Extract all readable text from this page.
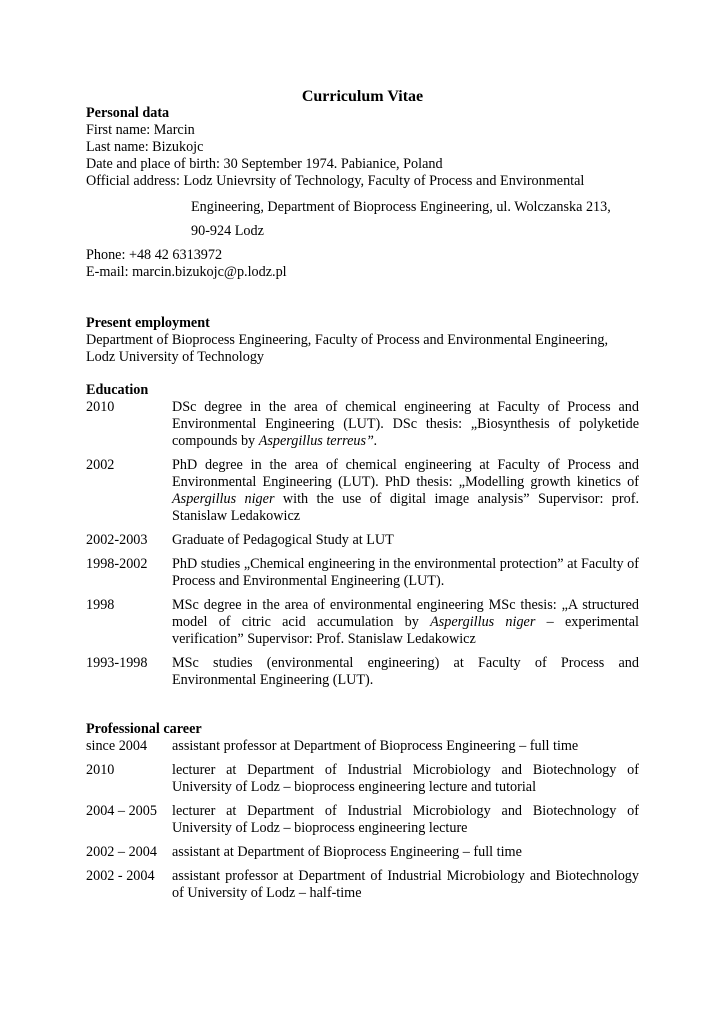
Curriculum Vitae
Personal data
First name: Marcin
Last name: Bizukojc
Date and place of birth: 30 September 1974. Pabianice, Poland
Official address: Lodz Unievrsity of Technology, Faculty of Process and Environmental
Engineering, Department of Bioprocess Engineering, ul. Wolczanska 213,
90-924 Lodz
Phone: +48 42 6313972
E-mail: marcin.bizukojc@p.lodz.pl
Present employment
Department of Bioprocess Engineering, Faculty of Process and Environmental Engineering,
Lodz University of Technology
Education
2010	DSc degree in the area of chemical engineering at Faculty of Process and Environmental Engineering (LUT). DSc thesis: „Biosynthesis of polyketide compounds by Aspergillus terreus”.
2002	PhD degree in the area of chemical engineering at Faculty of Process and Environmental Engineering (LUT). PhD thesis: „Modelling growth kinetics of Aspergillus niger with the use of digital image analysis” Supervisor: prof. Stanislaw Ledakowicz
2002-2003	Graduate of Pedagogical Study at LUT
1998-2002	PhD studies „Chemical engineering in the environmental protection” at Faculty of Process and Environmental Engineering (LUT).
1998	MSc degree in the area of environmental engineering MSc thesis: „A structured model of citric acid accumulation by Aspergillus niger – experimental verification” Supervisor: Prof. Stanislaw Ledakowicz
1993-1998	MSc studies (environmental engineering) at Faculty of Process and Environmental Engineering (LUT).
Professional career
since 2004	assistant professor at Department of Bioprocess Engineering – full time
2010	lecturer at Department of Industrial Microbiology and Biotechnology of University of Lodz – bioprocess engineering lecture and tutorial
2004 – 2005	lecturer at Department of Industrial Microbiology and Biotechnology of University of Lodz – bioprocess engineering lecture
2002 – 2004	assistant at Department of Bioprocess Engineering – full time
2002 - 2004	assistant professor at Department of Industrial Microbiology and Biotechnology of University of Lodz – half-time
